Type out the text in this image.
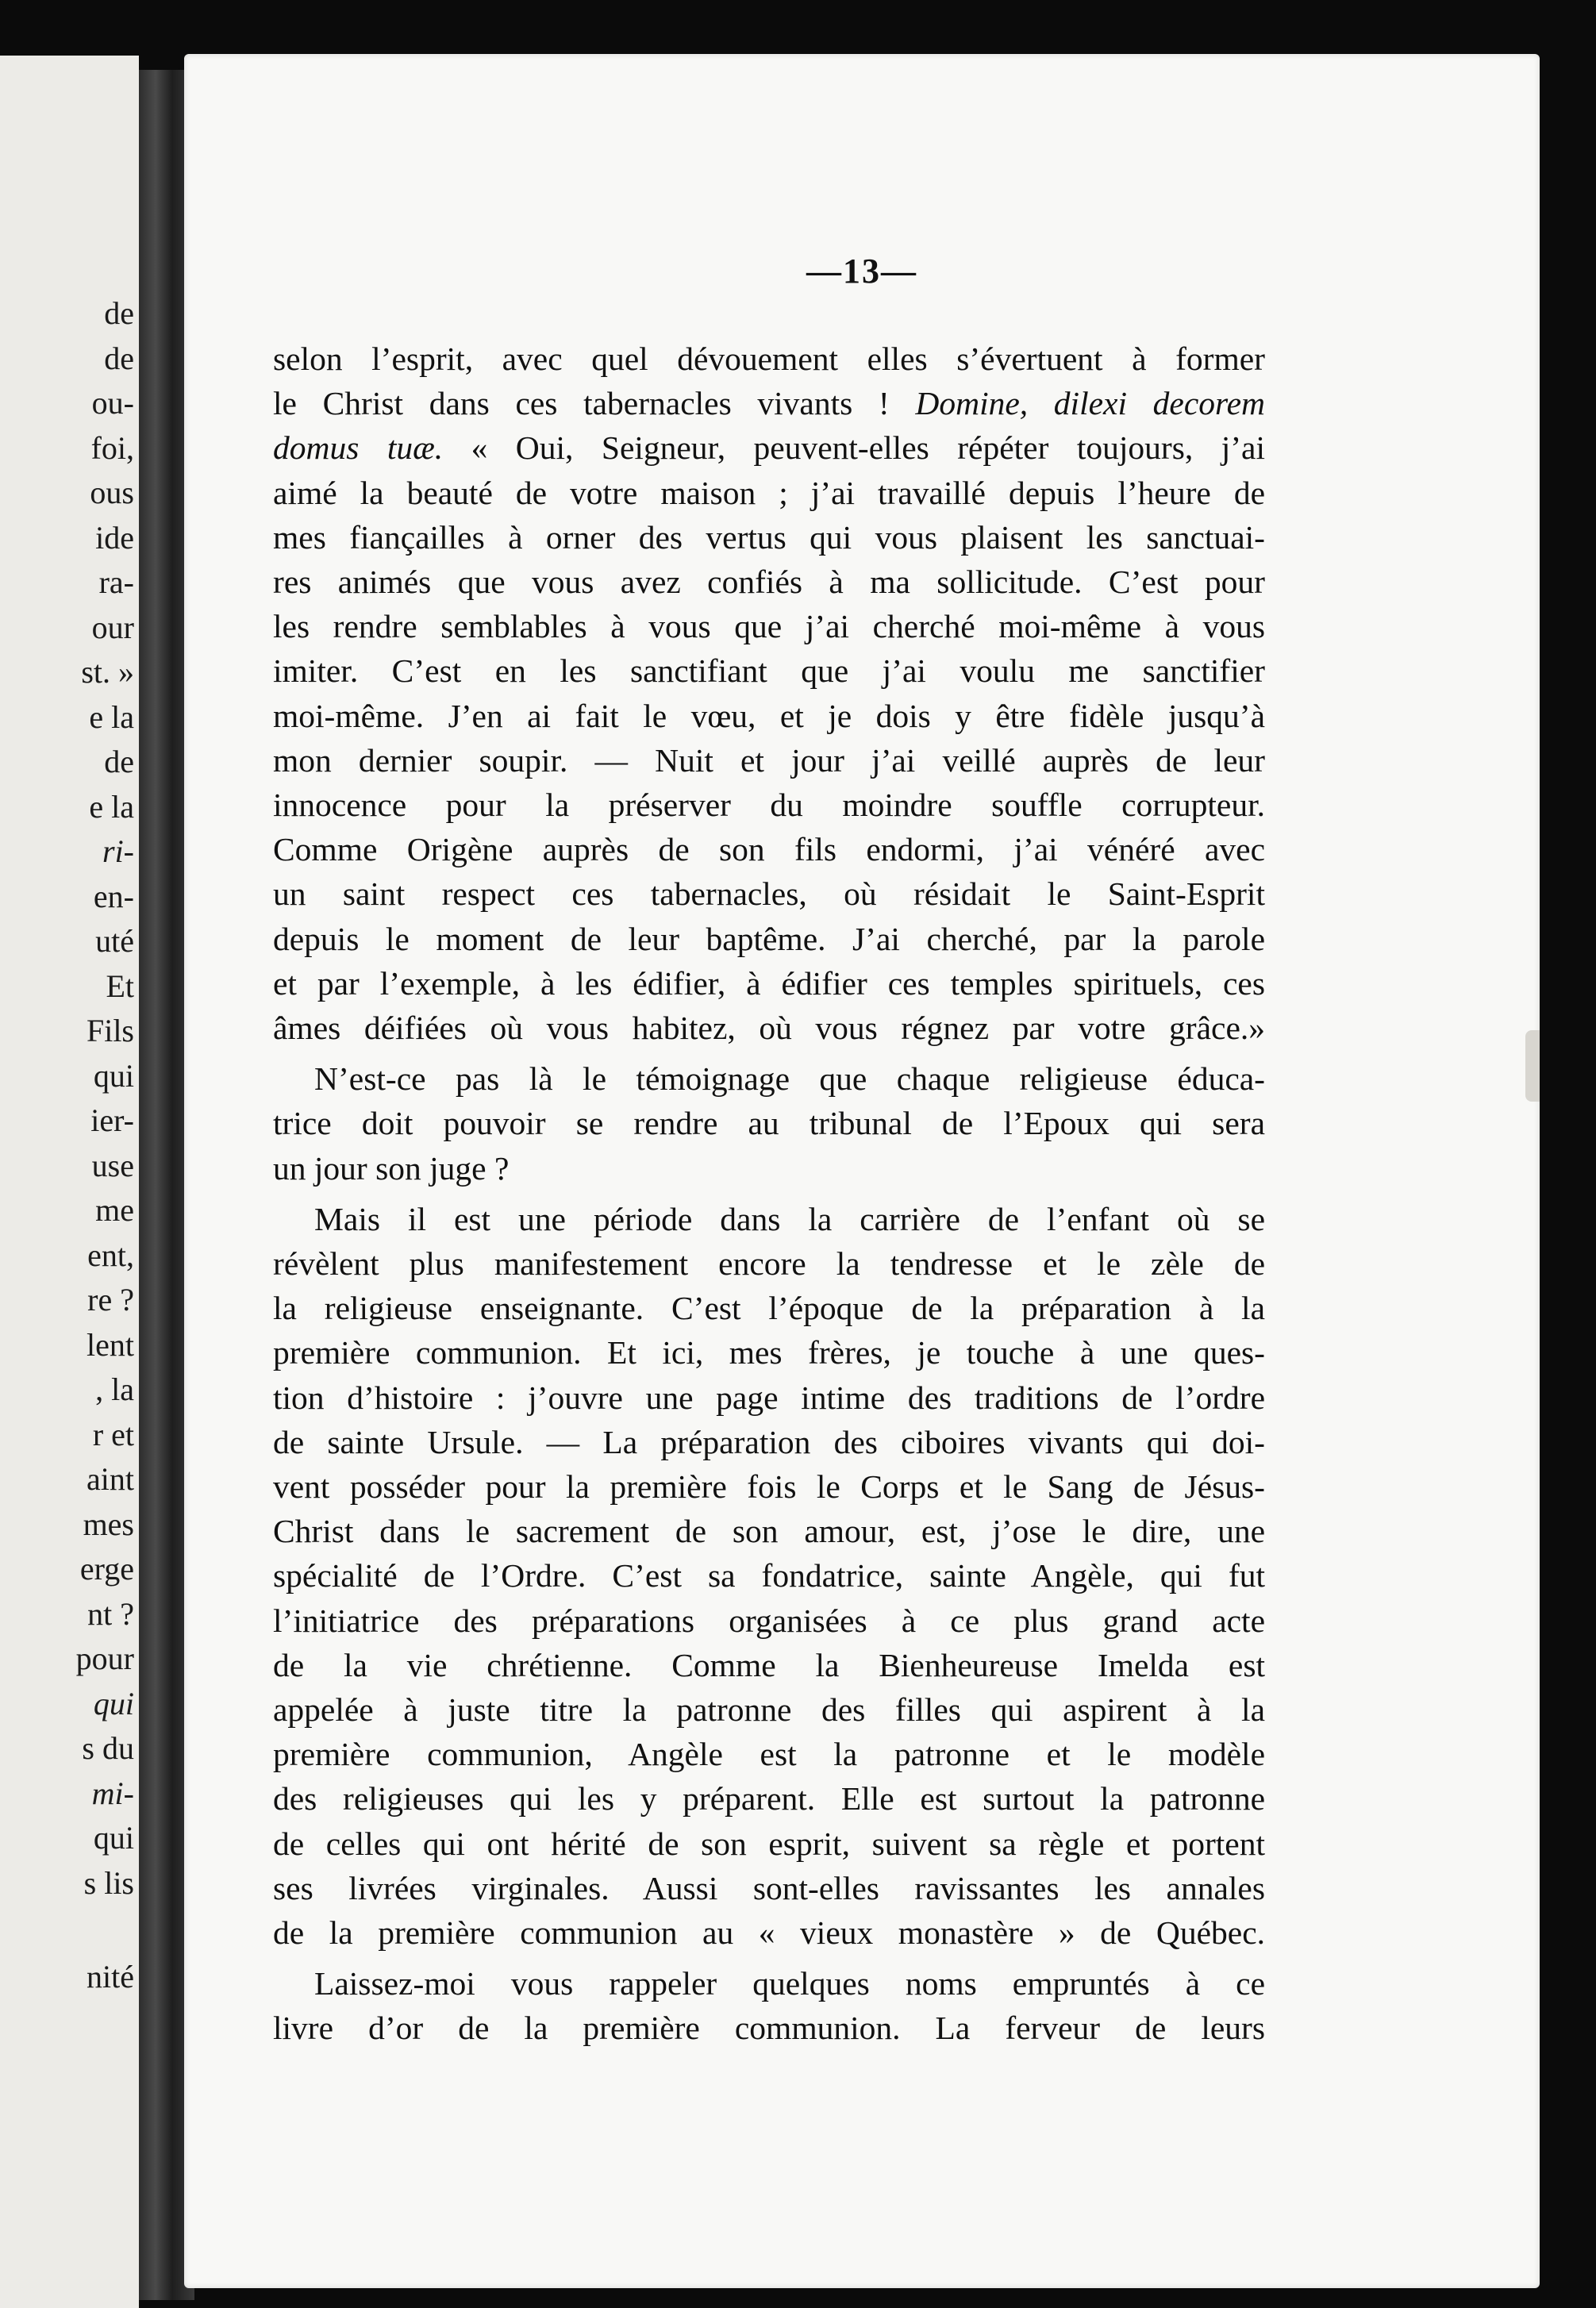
de
de
ou-
foi,
ous
ide
ra-
our
st. »
e la
de
e la
ri-
en-
uté
Et
Fils
qui
ier-
use
me
ent,
re ?
lent
, la
r et
aint
mes
erge
nt ?
pour
qui
s du
mi-
qui
s lis
nité
—13—
selon l’esprit, avec quel dévouement elles s’évertuent à former
le Christ dans ces tabernacles vivants ! Domine, dilexi decorem
domus tuæ. « Oui, Seigneur, peuvent-elles répéter toujours, j’ai
aimé la beauté de votre maison ; j’ai travaillé depuis l’heure de
mes fiançailles à orner des vertus qui vous plaisent les sanctuai-
res animés que vous avez confiés à ma sollicitude. C’est pour
les rendre semblables à vous que j’ai cherché moi-même à vous
imiter. C’est en les sanctifiant que j’ai voulu me sanctifier
moi-même. J’en ai fait le vœu, et je dois y être fidèle jusqu’à
mon dernier soupir. — Nuit et jour j’ai veillé auprès de leur
innocence pour la préserver du moindre souffle corrupteur.
Comme Origène auprès de son fils endormi, j’ai vénéré avec
un saint respect ces tabernacles, où résidait le Saint-Esprit
depuis le moment de leur baptême. J’ai cherché, par la parole
et par l’exemple, à les édifier, à édifier ces temples spirituels, ces
âmes déifiées où vous habitez, où vous régnez par votre grâce.»
N’est-ce pas là le témoignage que chaque religieuse éduca-
trice doit pouvoir se rendre au tribunal de l’Epoux qui sera
un jour son juge ?
Mais il est une période dans la carrière de l’enfant où se
révèlent plus manifestement encore la tendresse et le zèle de
la religieuse enseignante. C’est l’époque de la préparation à la
première communion. Et ici, mes frères, je touche à une ques-
tion d’histoire : j’ouvre une page intime des traditions de l’ordre
de sainte Ursule. — La préparation des ciboires vivants qui doi-
vent posséder pour la première fois le Corps et le Sang de Jésus-
Christ dans le sacrement de son amour, est, j’ose le dire, une
spécialité de l’Ordre. C’est sa fondatrice, sainte Angèle, qui fut
l’initiatrice des préparations organisées à ce plus grand acte
de la vie chrétienne. Comme la Bienheureuse Imelda est
appelée à juste titre la patronne des filles qui aspirent à la
première communion, Angèle est la patronne et le modèle
des religieuses qui les y préparent. Elle est surtout la patronne
de celles qui ont hérité de son esprit, suivent sa règle et portent
ses livrées virginales. Aussi sont-elles ravissantes les annales
de la première communion au « vieux monastère » de Québec.
Laissez-moi vous rappeler quelques noms empruntés à ce
livre d’or de la première communion. La ferveur de leurs
